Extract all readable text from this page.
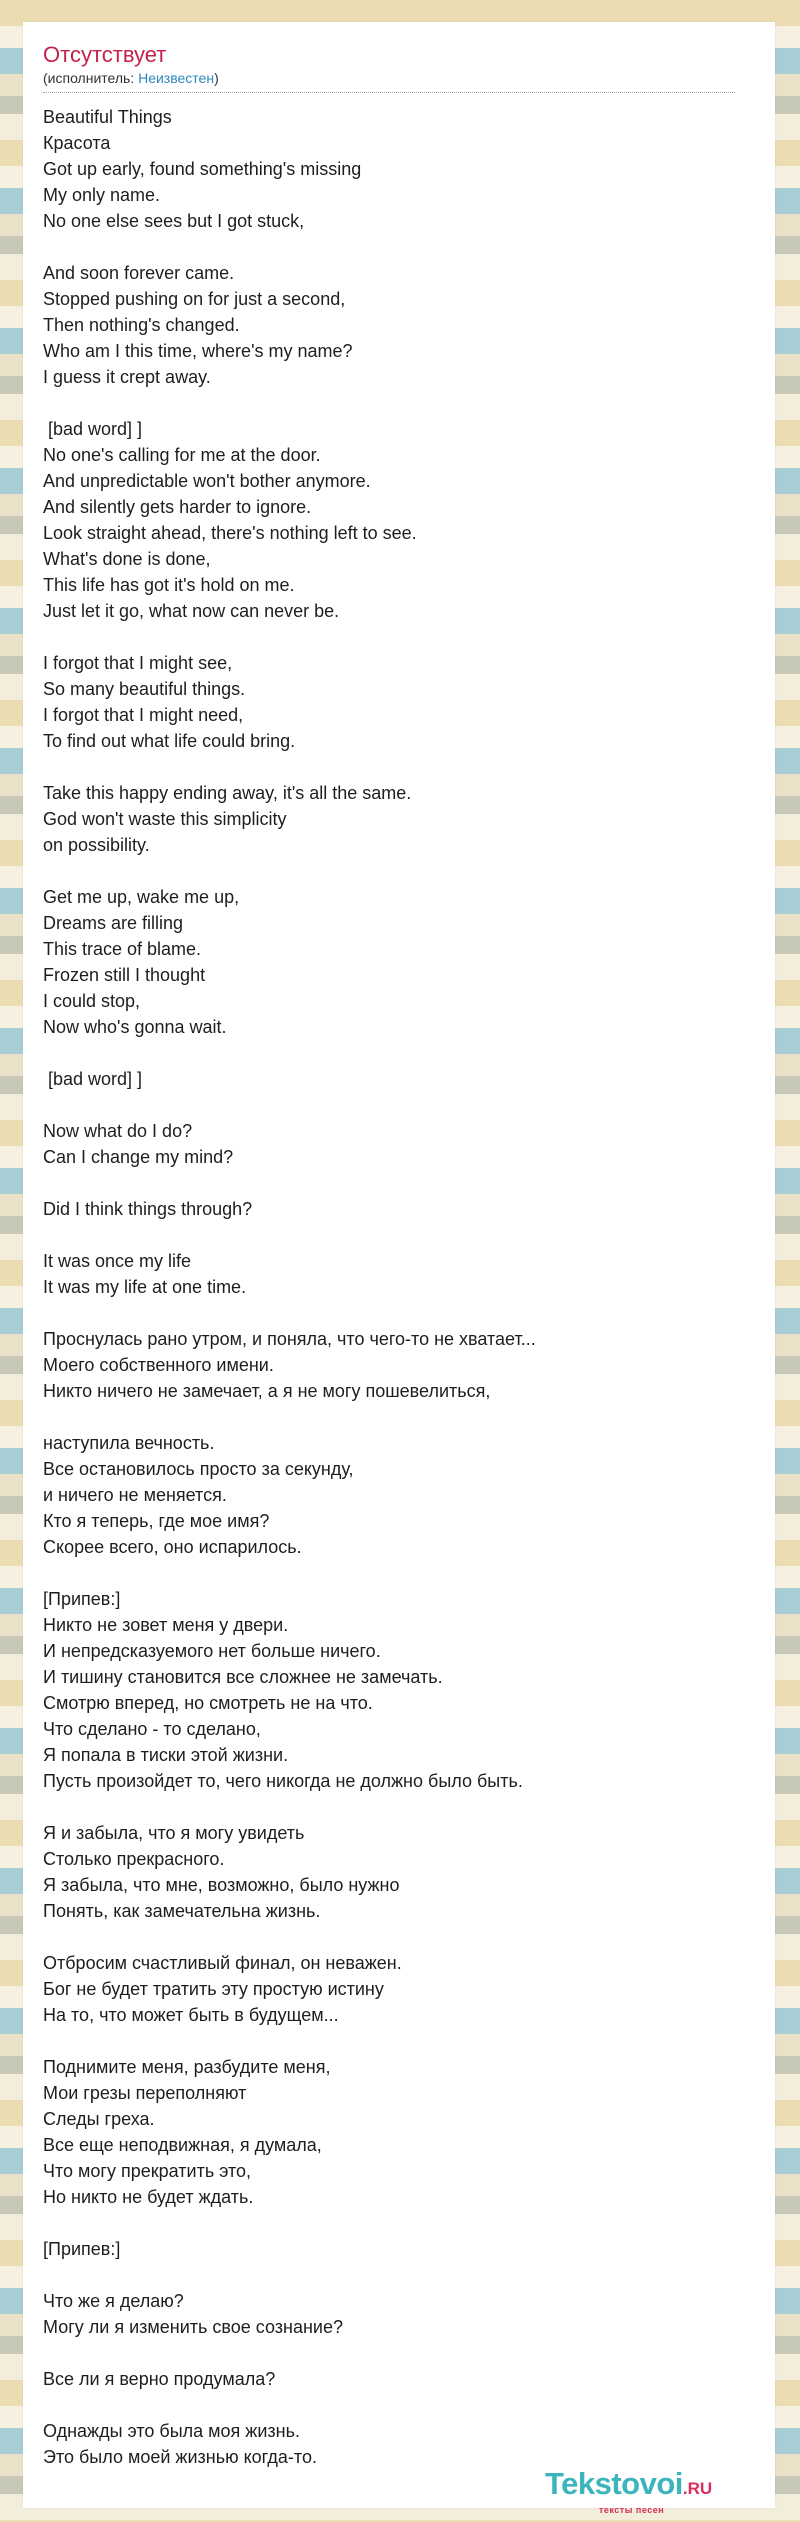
Отсутствует
(исполнитель: Неизвестен)
Beautiful Things
Красота
Got up early, found something's missing
My only name.
No one else sees but I got stuck,
And soon forever came.
Stopped pushing on for just a second,
Then nothing's changed.
Who am I this time, where's my name?
I guess it crept away.
[bad word] ]
No one's calling for me at the door.
And unpredictable won't bother anymore.
And silently gets harder to ignore.
Look straight ahead, there's nothing left to see.
What's done is done,
This life has got it's hold on me.
Just let it go, what now can never be.
I forgot that I might see,
So many beautiful things.
I forgot that I might need,
To find out what life could bring.
Take this happy ending away, it's all the same.
God won't waste this simplicity
on possibility.
Get me up, wake me up,
Dreams are filling
This trace of blame.
Frozen still I thought
I could stop,
Now who's gonna wait.
[bad word] ]
Now what do I do?
Can I change my mind?
Did I think things through?
It was once my life
It was my life at one time.
Проснулась рано утром, и поняла, что чего-то не хватает...
Моего собственного имени.
Никто ничего не замечает, а я не могу пошевелиться,
наступила вечность.
Все остановилось просто за секунду,
и ничего не меняется.
Кто я теперь, где мое имя?
Скорее всего, оно испарилось.
[Припев:]
Никто не зовет меня у двери.
И непредсказуемого нет больше ничего.
И тишину становится все сложнее не замечать.
Смотрю вперед, но смотреть не на что.
Что сделано - то сделано,
Я попала в тиски этой жизни.
Пусть произойдет то, чего никогда не должно было быть.
Я и забыла, что я могу увидеть
Столько прекрасного.
Я забыла, что мне, возможно, было нужно
Понять, как замечательна жизнь.
Отбросим счастливый финал, он неважен.
Бог не будет тратить эту простую истину
На то, что может быть в будущем...
Поднимите меня, разбудите меня,
Мои грезы переполняют
Следы греха.
Все еще неподвижная, я думала,
Что могу прекратить это,
Но никто не будет ждать.
[Припев:]
Что же я делаю?
Могу ли я изменить свое сознание?
Все ли я верно продумала?
Однажды это была моя жизнь.
Это было моей жизнью когда-то.
Tekstovoi.RU
тексты песен
